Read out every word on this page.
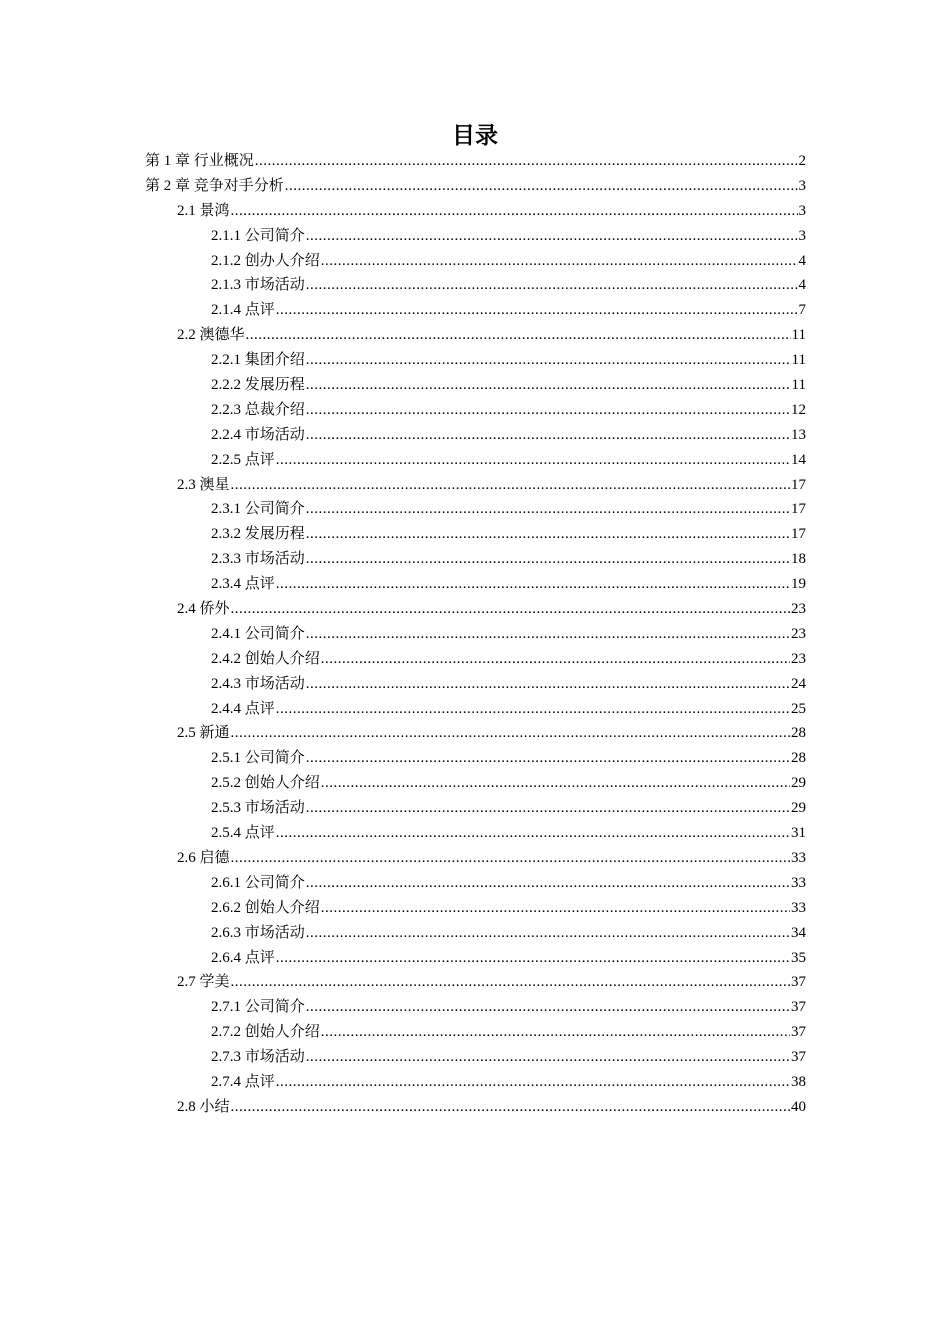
目录
第 1 章 行业概况 .....	2
第 2 章 竞争对手分析 .....	3
2.1 景鸿 .....	3
2.1.1 公司简介 .....	3
2.1.2 创办人介绍 .....	4
2.1.3 市场活动 .....	4
2.1.4 点评 .....	7
2.2 澳德华 .....	11
2.2.1 集团介绍 .....	11
2.2.2 发展历程 .....	11
2.2.3 总裁介绍 .....	12
2.2.4 市场活动 .....	13
2.2.5 点评 .....	14
2.3 澳星 .....	17
2.3.1 公司简介 .....	17
2.3.2 发展历程 .....	17
2.3.3 市场活动 .....	18
2.3.4 点评 .....	19
2.4 侨外 .....	23
2.4.1 公司简介 .....	23
2.4.2 创始人介绍 .....	23
2.4.3 市场活动 .....	24
2.4.4 点评 .....	25
2.5 新通 .....	28
2.5.1 公司简介 .....	28
2.5.2 创始人介绍 .....	29
2.5.3 市场活动 .....	29
2.5.4 点评 .....	31
2.6 启德 .....	33
2.6.1 公司简介 .....	33
2.6.2 创始人介绍 .....	33
2.6.3 市场活动 .....	34
2.6.4 点评 .....	35
2.7 学美 .....	37
2.7.1 公司简介 .....	37
2.7.2 创始人介绍 .....	37
2.7.3 市场活动 .....	37
2.7.4 点评 .....	38
2.8 小结 .....	40
